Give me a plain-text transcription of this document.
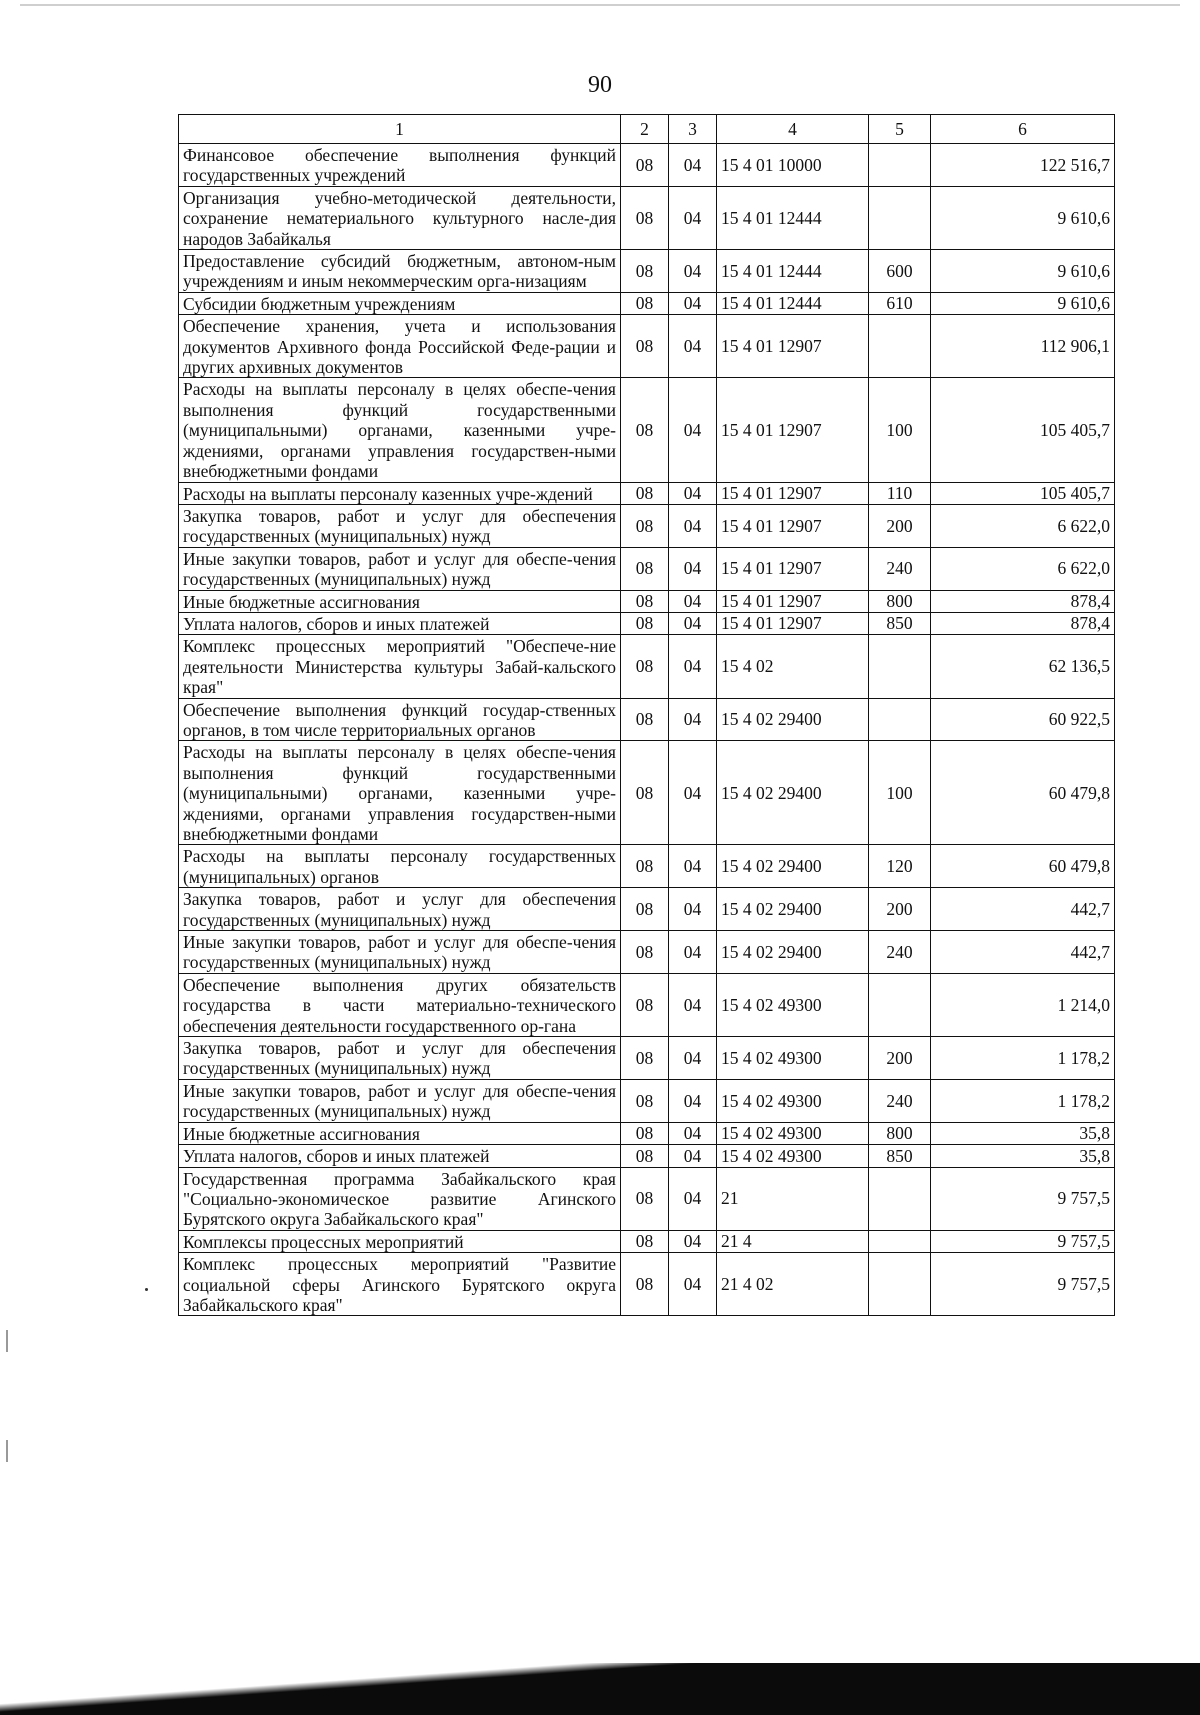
90
1	2	3	4	5	6
Финансовое обеспечение выполнения функций государственных учреждений	08	04	15 4 01 10000		122 516,7
Организация учебно-методической деятельности, сохранение нематериального культурного насле-дия народов Забайкалья	08	04	15 4 01 12444		9 610,6
Предоставление субсидий бюджетным, автоном-ным учреждениям и иным некоммерческим орга-низациям	08	04	15 4 01 12444	600	9 610,6
Субсидии бюджетным учреждениям	08	04	15 4 01 12444	610	9 610,6
Обеспечение хранения, учета и использования документов Архивного фонда Российской Феде-рации и других архивных документов	08	04	15 4 01 12907		112 906,1
Расходы на выплаты персоналу в целях обеспе-чения выполнения функций государственными (муниципальными) органами, казенными учре-ждениями, органами управления государствен-ными внебюджетными фондами	08	04	15 4 01 12907	100	105 405,7
Расходы на выплаты персоналу казенных учре-ждений	08	04	15 4 01 12907	110	105 405,7
Закупка товаров, работ и услуг для обеспечения государственных (муниципальных) нужд	08	04	15 4 01 12907	200	6 622,0
Иные закупки товаров, работ и услуг для обеспе-чения государственных (муниципальных) нужд	08	04	15 4 01 12907	240	6 622,0
Иные бюджетные ассигнования	08	04	15 4 01 12907	800	878,4
Уплата налогов, сборов и иных платежей	08	04	15 4 01 12907	850	878,4
Комплекс процессных мероприятий "Обеспече-ние деятельности Министерства культуры Забай-кальского края"	08	04	15 4 02		62 136,5
Обеспечение выполнения функций государ-ственных органов, в том числе территориальных органов	08	04	15 4 02 29400		60 922,5
Расходы на выплаты персоналу в целях обеспе-чения выполнения функций государственными (муниципальными) органами, казенными учре-ждениями, органами управления государствен-ными внебюджетными фондами	08	04	15 4 02 29400	100	60 479,8
Расходы на выплаты персоналу государственных (муниципальных) органов	08	04	15 4 02 29400	120	60 479,8
Закупка товаров, работ и услуг для обеспечения государственных (муниципальных) нужд	08	04	15 4 02 29400	200	442,7
Иные закупки товаров, работ и услуг для обеспе-чения государственных (муниципальных) нужд	08	04	15 4 02 29400	240	442,7
Обеспечение выполнения других обязательств государства в части материально-технического обеспечения деятельности государственного ор-гана	08	04	15 4 02 49300		1 214,0
Закупка товаров, работ и услуг для обеспечения государственных (муниципальных) нужд	08	04	15 4 02 49300	200	1 178,2
Иные закупки товаров, работ и услуг для обеспе-чения государственных (муниципальных) нужд	08	04	15 4 02 49300	240	1 178,2
Иные бюджетные ассигнования	08	04	15 4 02 49300	800	35,8
Уплата налогов, сборов и иных платежей	08	04	15 4 02 49300	850	35,8
Государственная программа Забайкальского края "Социально-экономическое развитие Агинского Бурятского округа Забайкальского края"	08	04	21		9 757,5
Комплексы процессных мероприятий	08	04	21 4		9 757,5
Комплекс процессных мероприятий "Развитие социальной сферы Агинского Бурятского округа Забайкальского края"	08	04	21 4 02		9 757,5
